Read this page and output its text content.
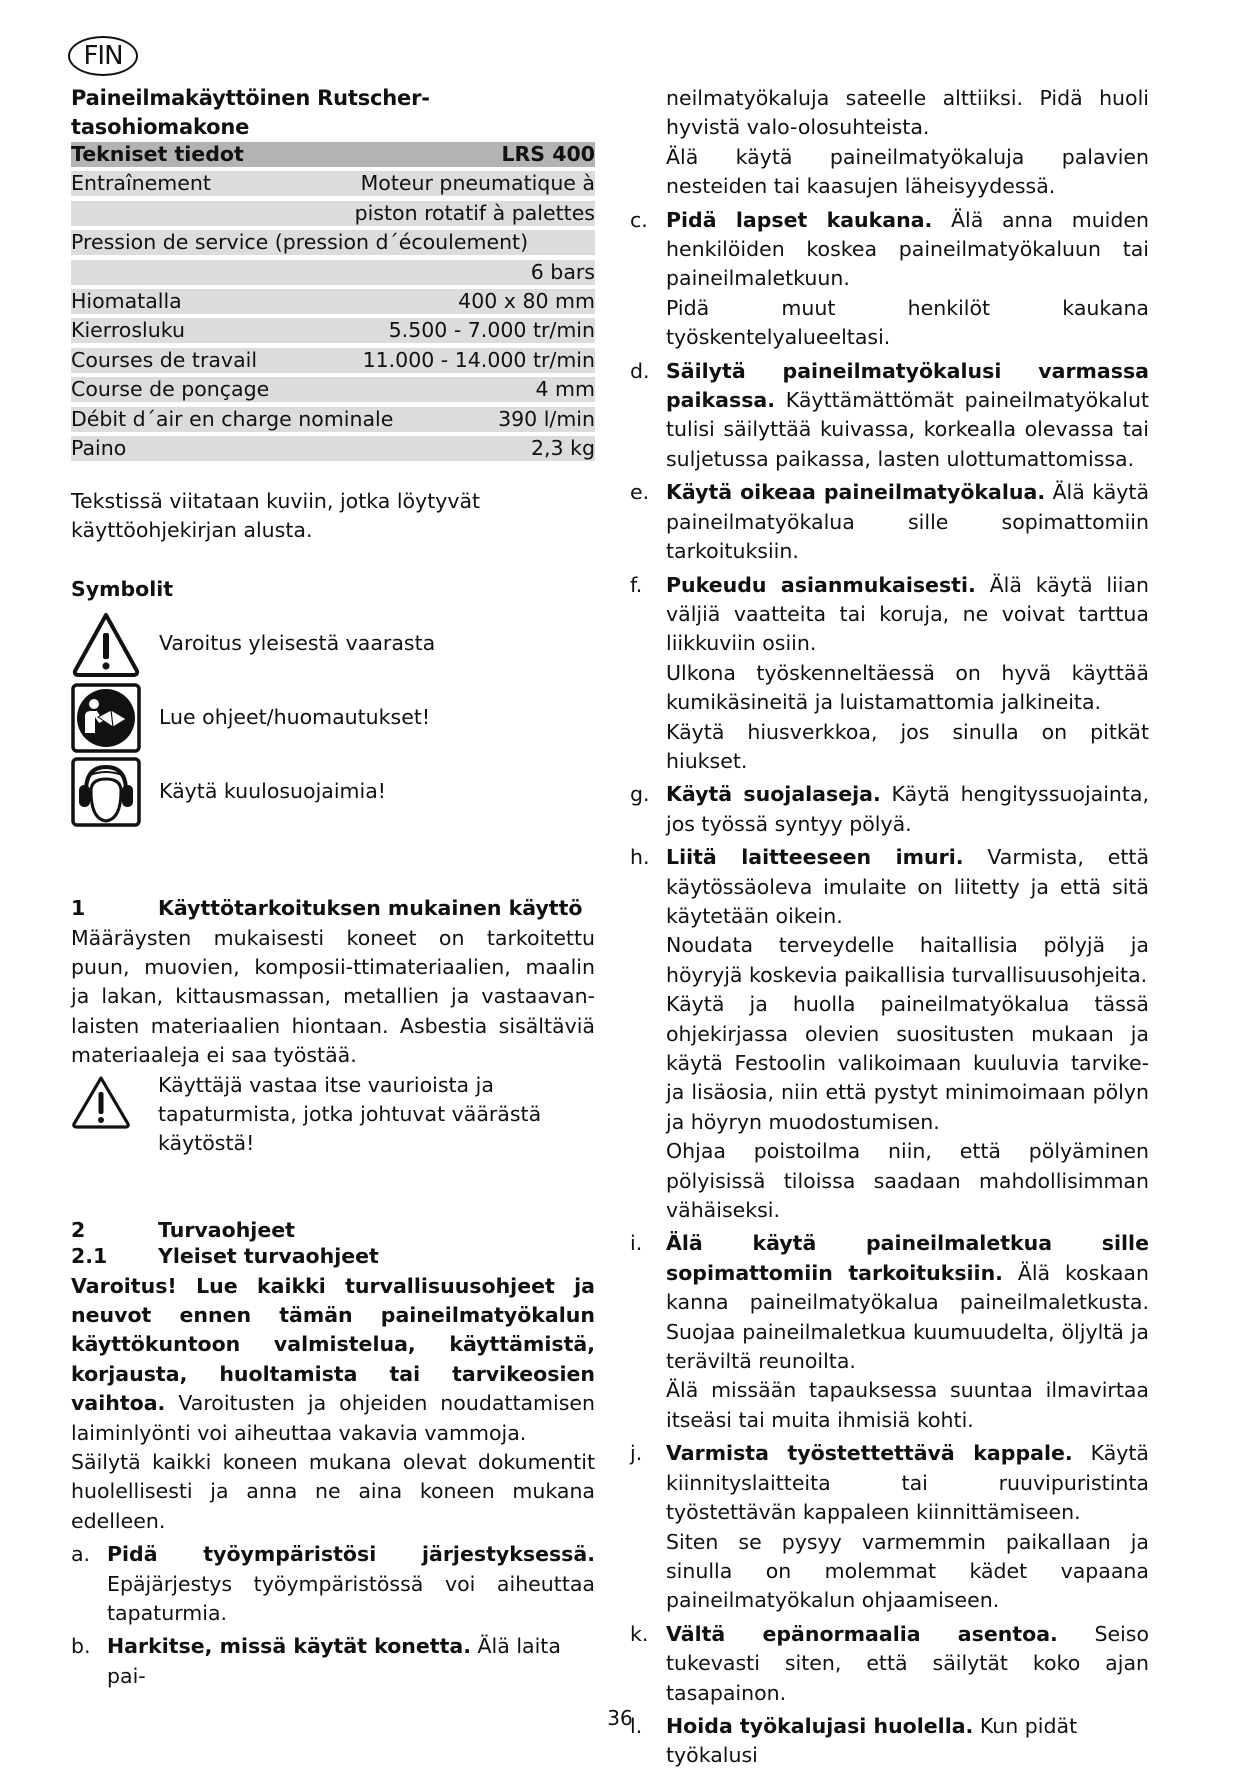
FIN
Paineilmakäyttöinen Rutscher-tasohiomakone
Tekniset tiedot	LRS 400
Entraînement	Moteur pneumatique à
piston rotatif à palettes
Pression de service (pression d´écoulement)
6 bars
Hiomatalla	400 x 80 mm
Kierrosluku	5.500 - 7.000 tr/min
Courses de travail	11.000 - 14.000 tr/min
Course de ponçage	4 mm
Débit d´air en charge nominale	390 l/min
Paino	2,3 kg

Tekstissä viitataan kuviin, jotka löytyvät käyttöohjekirjan alusta.

Symbolit
Varoitus yleisestä vaarasta
Lue ohjeet/huomautukset!
Käytä kuulosuojaimia!
1	Käyttötarkoituksen mukainen käyttö

Määräysten mukaisesti koneet on tarkoitettu puun, muovien, komposii-ttimateriaalien, maalin ja lakan, kittausmassan, metallien ja vastaavan-laisten materiaalien hiontaan. Asbestia sisältäviä materiaaleja ei saa työstää.

Käyttäjä vastaa itse vaurioista ja tapaturmista, jotka johtuvat väärästä käytöstä!

2	Turvaohjeet
2.1	Yleiset turvaohjeet

Varoitus! Lue kaikki turvallisuusohjeet ja neuvot ennen tämän paineilmatyökalun käyttökuntoon valmistelua, käyttämistä, korjausta, huoltamista tai tarvikeosien vaihtoa. Varoitusten ja ohjeiden noudattamisen laiminlyönti voi aiheuttaa vakavia vammoja.

Säilytä kaikki koneen mukana olevat dokumentit huolellisesti ja anna ne aina koneen mukana edelleen.

a. Pidä työympäristösi järjestyksessä. Epäjärjestys työympäristössä voi aiheuttaa tapaturmia.

b. Harkitse, missä käytät konetta. Älä laita pai-

neilmatyökaluja sateelle alttiiksi. Pidä huoli hyvistä valo-olosuhteista.

Älä käytä paineilmatyökaluja palavien nesteiden tai kaasujen läheisyydessä.

c. Pidä lapset kaukana. Älä anna muiden henkilöiden koskea paineilmatyökaluun tai paineilmaletkuun.

Pidä muut henkilöt kaukana työskentelyalueeltasi.

d. Säilytä paineilmatyökalusi varmassa paikassa. Käyttämättömät paineilmatyökalut tulisi säilyttää kuivassa, korkealla olevassa tai suljetussa paikassa, lasten ulottumattomissa.

e. Käytä oikeaa paineilmatyökalua. Älä käytä paineilmatyökalua sille sopimattomiin tarkoituksiin.

f.	Pukeudu asianmukaisesti. Älä käytä liian väljiä vaatteita tai koruja, ne voivat tarttua liikkuviin osiin.

Ulkona työskenneltäessä on hyvä käyttää kumikäsineitä ja luistamattomia jalkineita.

Käytä hiusverkkoa, jos sinulla on pitkät hiukset.

g. Käytä suojalaseja. Käytä hengityssuojainta, jos työssä syntyy pölyä.

h. Liitä laitteeseen imuri. Varmista, että käytössäoleva imulaite on liitetty ja että sitä käytetään oikein.

Noudata terveydelle haitallisia pölyjä ja höyryjä koskevia paikallisia turvallisuusohjeita.

Käytä ja huolla paineilmatyökalua tässä ohjekirjassa olevien suositusten mukaan ja käytä Festoolin valikoimaan kuuluvia tarvike- ja lisäosia, niin että pystyt minimoimaan pölyn ja höyryn muodostumisen.

Ohjaa poistoilma niin, että pölyäminen pölyisissä tiloissa saadaan mahdollisimman vähäiseksi.

i.	Älä käytä paineilmaletkua sille sopimattomiin tarkoituksiin. Älä koskaan kanna paineilmatyökalua paineilmaletkusta. Suojaa paineilmaletkua kuumuudelta, öljyltä ja teräviltä reunoilta.

Älä missään tapauksessa suuntaa ilmavirtaa itseäsi tai muita ihmisiä kohti.

j.	Varmista työstettettävä kappale. Käytä kiinnityslaitteita tai ruuvipuristinta työstettävän kappaleen kiinnittämiseen.

Siten se pysyy varmemmin paikallaan ja sinulla on molemmat kädet vapaana paineilmatyökalun ohjaamiseen.

k. Vältä epänormaalia asentoa. Seiso tukevasti siten, että säilytät koko ajan tasapainon.

l.	Hoida työkalujasi huolella. Kun pidät työkalusi

36
